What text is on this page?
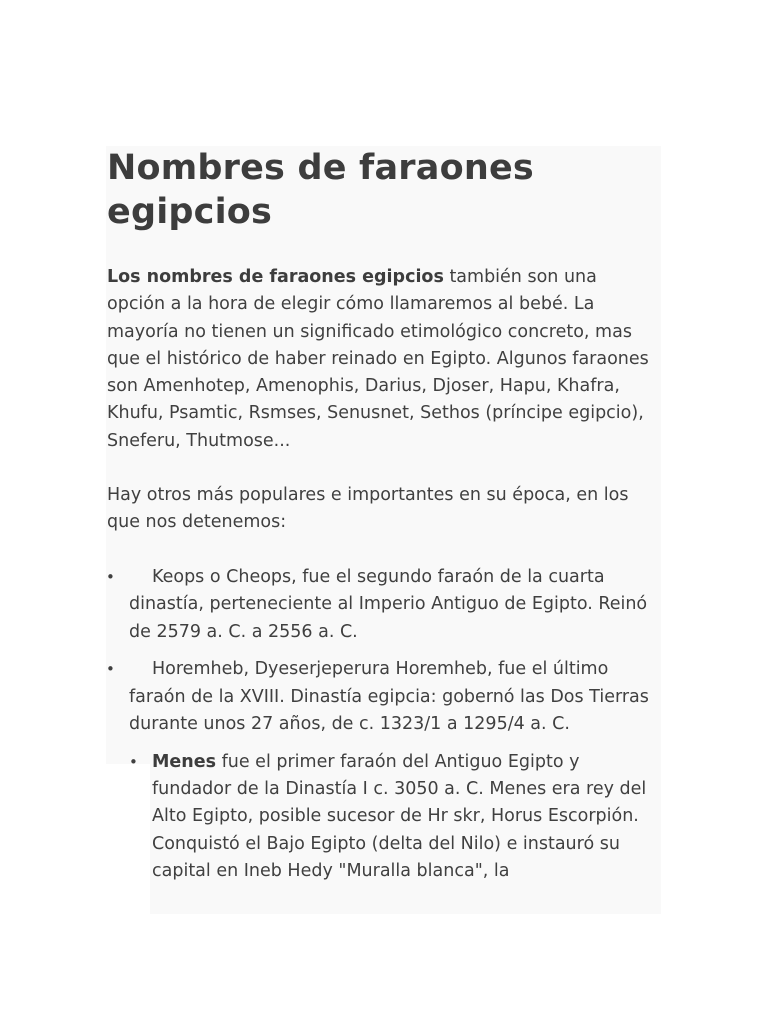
Nombres de faraones egipcios

Los nombres de faraones egipcios también son una opción a la hora de elegir cómo llamaremos al bebé. La mayoría no tienen un significado etimológico concreto, mas que el histórico de haber reinado en Egipto. Algunos faraones son Amenhotep, Amenophis, Darius, Djoser, Hapu, Khafra, Khufu, Psamtic, Rsmses, Senusnet, Sethos (príncipe egipcio), Sneferu, Thutmose...

Hay otros más populares e importantes en su época, en los que nos detenemos:

• Keops o Cheops, fue el segundo faraón de la cuarta dinastía, perteneciente al Imperio Antiguo de Egipto. Reinó de 2579 a. C. a 2556 a. C.
• Horemheb, Dyeserjeperura Horemheb, fue el último faraón de la XVIII. Dinastía egipcia: gobernó las Dos Tierras durante unos 27 años, de c. 1323/1 a 1295/4 a. C.
• Menes fue el primer faraón del Antiguo Egipto y fundador de la Dinastía I c. 3050 a. C. Menes era rey del Alto Egipto, posible sucesor de Hr skr, Horus Escorpión. Conquistó el Bajo Egipto (delta del Nilo) e instauró su capital en Ineb Hedy "Muralla blanca", la
